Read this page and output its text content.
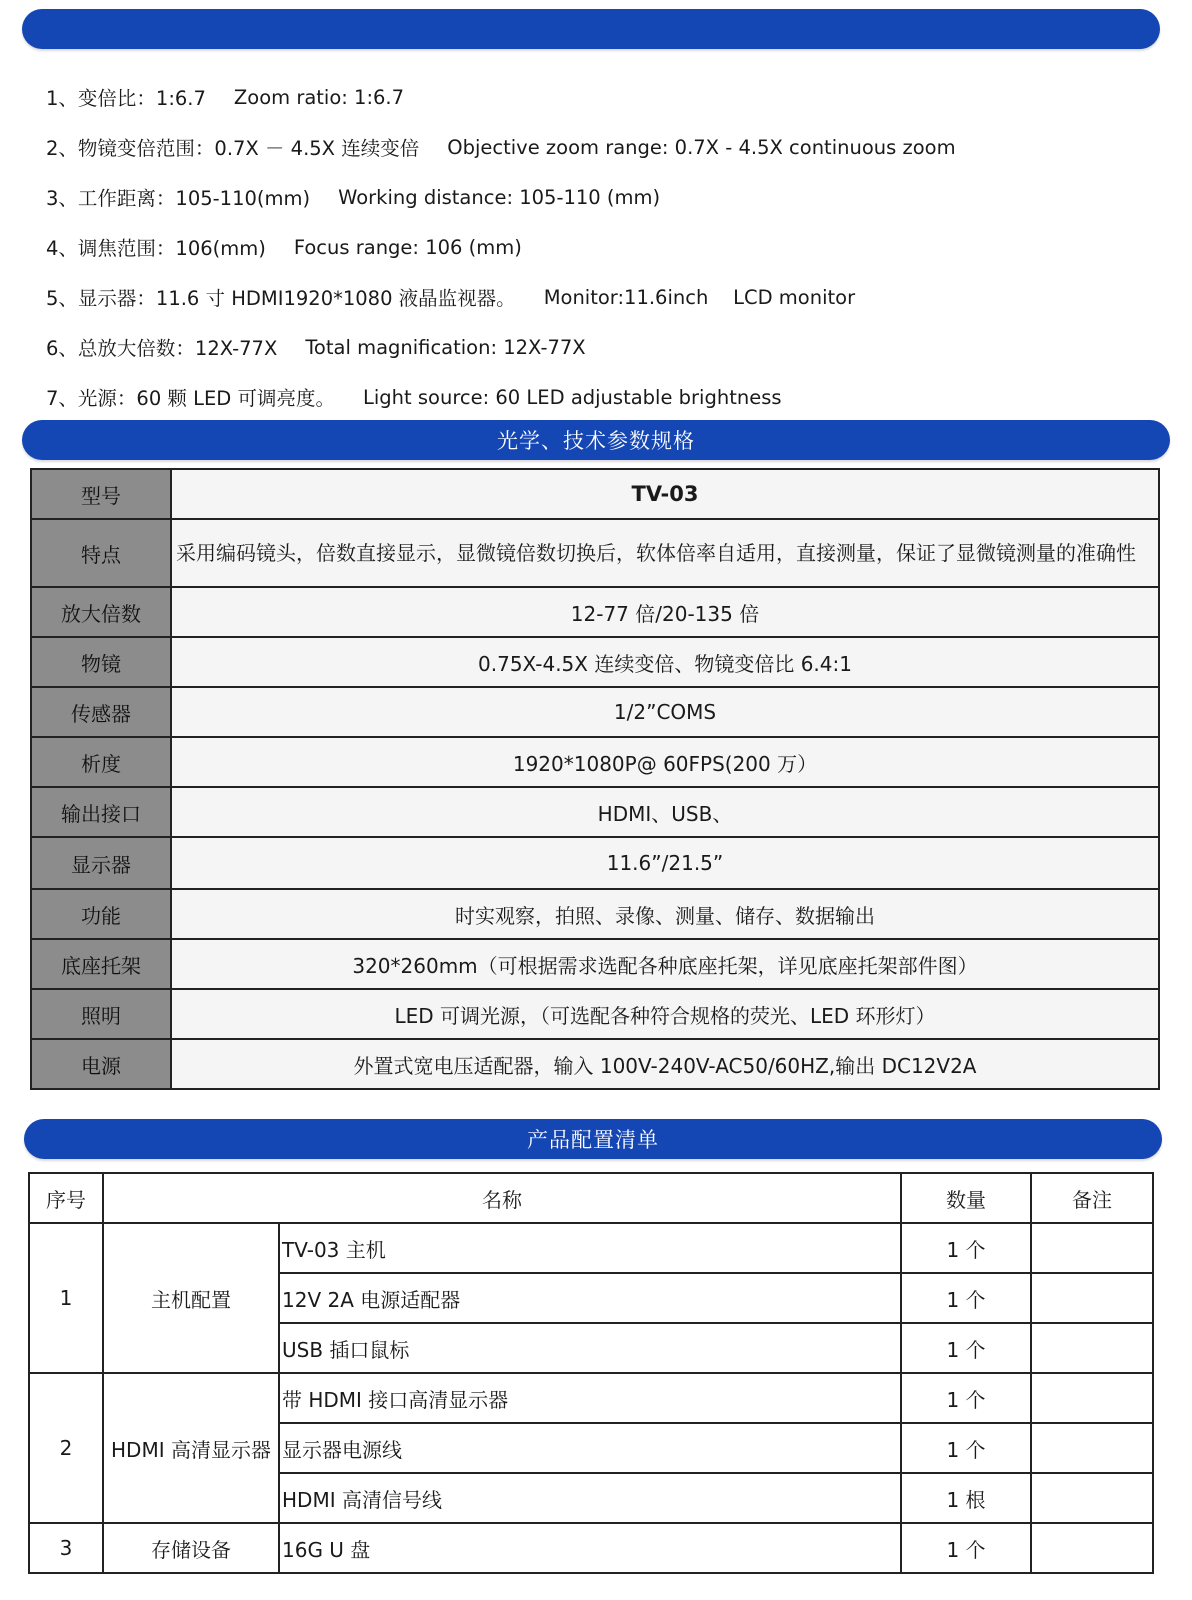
1、变倍比：1:6.7 Zoom ratio: 1:6.7
2、物镜变倍范围：0.7X － 4.5X 连续变倍 Objective zoom range: 0.7X - 4.5X continuous zoom
3、工作距离：105-110(mm) Working distance: 105-110 (mm)
4、调焦范围：106(mm) Focus range: 106 (mm)
5、显示器：11.6 寸 HDMI1920*1080 液晶监视器。 Monitor:11.6inch    LCD monitor
6、总放大倍数：12X-77X Total magnification: 12X-77X
7、光源：60 颗 LED 可调亮度。 Light source: 60 LED adjustable brightness
光学、技术参数规格
型号	TV-03
特点	采用编码镜头，倍数直接显示，显微镜倍数切换后，软体倍率自适用，直接测量，保证了显微镜测量的准确性
放大倍数	12-77 倍/20-135 倍
物镜	0.75X-4.5X 连续变倍、物镜变倍比 6.4:1
传感器	1/2”COMS
析度	1920*1080P@ 60FPS(200 万）
输出接口	HDMI、USB、
显示器	11.6”/21.5”
功能	时实观察，拍照、录像、测量、储存、数据输出
底座托架	320*260mm（可根据需求选配各种底座托架，详见底座托架部件图）
照明	LED 可调光源，（可选配各种符合规格的荧光、LED 环形灯）
电源	外置式宽电压适配器，输入 100V-240V-AC50/60HZ,输出 DC12V2A
产品配置清单
序号	名称		数量	备注
1	主机配置	TV-03 主机	1 个	
		12V 2A 电源适配器	1 个	
		USB 插口鼠标	1 个	
2	HDMI 高清显示器	带 HDMI 接口高清显示器	1 个	
		显示器电源线	1 个	
		HDMI 高清信号线	1 根	
3	存储设备	16G U 盘	1 个	
